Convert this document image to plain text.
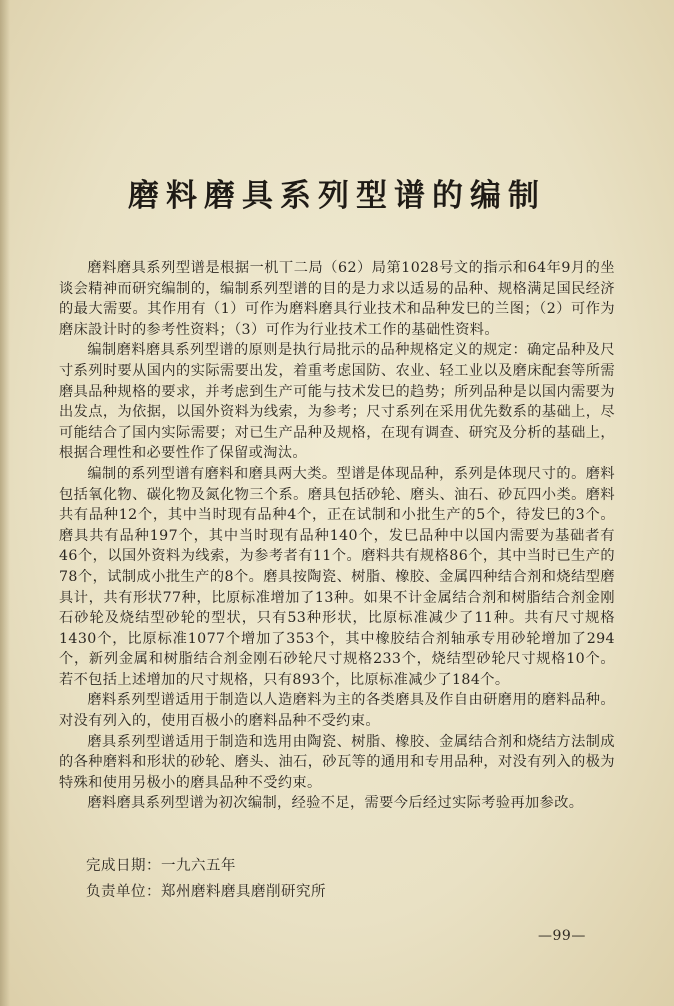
磨料磨具系列型谱的编制

磨料磨具系列型谱是根据一机丅二局（62）局第1028号文的指示和64年9月的坐谈会精神而研究编制的，编制系列型谱的目的是力求以适易的品种、规格满足国民经济的最大需要。其作用有（1）可作为磨料磨具行业技术和品种发巳的兰图；（2）可作为磨床設计时的参考性资料；（3）可作为行业技术工作的基础性资料。

编制磨料磨具系列型谱的原则是执行局批示的品种规格定义的规定：确定品种及尺寸系列时要从国内的实际需要出发，着重考虑国防、农业、轻工业以及磨床配套等所需磨具品种规格的要求，并考虑到生产可能与技术发巳的趋势；所列品种是以国内需要为出发点，为依据，以国外资料为线索，为参考；尺寸系列在采用优先数系的基础上，尽可能结合了国内实际需要；对已生产品种及规格，在现有调查、研究及分析的基础上，根据合理性和必要性作了保留或淘汰。

编制的系列型谱有磨料和磨具两大类。型谱是体现品种，系列是体现尺寸的。磨料包括氧化物、碳化物及氮化物三个系。磨具包括砂轮、磨头、油石、砂瓦四小类。磨料共有品种12个，其中当时现有品种4个，正在试制和小批生产的5个，待发巳的3个。磨具共有品种197个，其中当时现有品种140个，发巳品种中以国内需要为基础者有46个，以国外资料为线索，为参考者有11个。磨料共有规格86个，其中当时已生产的78个，试制成小批生产的8个。磨具按陶瓷、树脂、橡胶、金属四种结合剂和烧结型磨具计，共有形状77种，比原标准增加了13种。如果不计金属结合剂和树脂结合剂金刚石砂轮及烧结型砂轮的型状，只有53种形状，比原标准减少了11种。共有尺寸规格1430个，比原标准1077个增加了353个，其中橡胶结合剂轴承专用砂轮增加了294个，新列金属和树脂结合剂金刚石砂轮尺寸规格233个，烧结型砂轮尺寸规格10个。若不包括上述增加的尺寸规格，只有893个，比原标准减少了184个。

磨料系列型谱适用于制造以人造磨料为主的各类磨具及作自由研磨用的磨料品种。对没有列入的，使用百极小的磨料品种不受约束。

磨具系列型谱适用于制造和选用由陶瓷、树脂、橡胶、金属结合剂和烧结方法制成的各种磨料和形状的砂轮、磨头、油石，砂瓦等的通用和专用品种，对没有列入的极为特殊和使用另极小的磨具品种不受约束。

磨料磨具系列型谱为初次编制，经验不足，需要今后经过实际考验再加参改。

完成日期：一九六五年
负责单位：郑州磨料磨具磨削研究所
—99—
